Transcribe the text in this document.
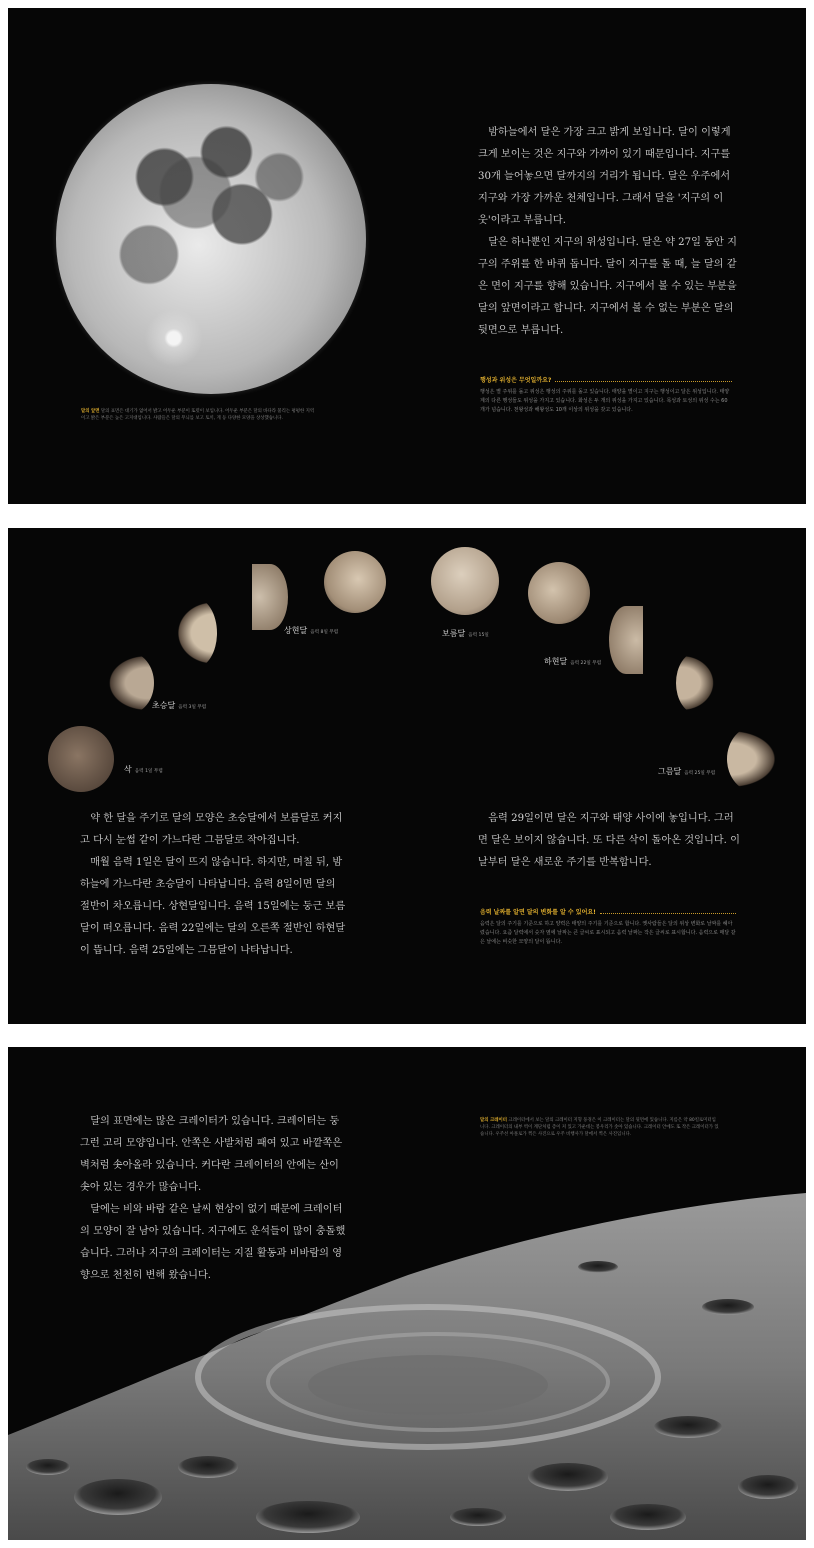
밤하늘에서 달은 가장 크고 밝게 보입니다. 달이 이렇게 크게 보이는 것은 지구와 가까이 있기 때문입니다. 지구를 30개 늘어놓으면 달까지의 거리가 됩니다. 달은 우주에서 지구와 가장 가까운 천체입니다. 그래서 달을 '지구의 이웃'이라고 부릅니다.

달은 하나뿐인 지구의 위성입니다. 달은 약 27일 동안 지구의 주위를 한 바퀴 돕니다. 달이 지구를 돌 때, 늘 달의 같은 면이 지구를 향해 있습니다. 지구에서 볼 수 있는 부분을 달의 앞면이라고 합니다. 지구에서 볼 수 없는 부분은 달의 뒷면으로 부릅니다.

행성과 위성은 무엇일까요?
행성은 별 주위를 돌고 위성은 행성의 주위를 돌고 있습니다. 태양을 별이고 지구는 행성이고 달은 위성입니다. 태양계의 다른 행성들도 위성을 가지고 있습니다. 화성은 두 개의 위성을 가지고 있습니다. 목성과 토성의 위성 수는 60개가 넘습니다. 천왕성과 해왕성도 10개 이상의 위성을 갖고 있습니다.
달의 앞면 달의 표면은 대기가 없어서 밝고 어두운 부분이 또렷이 보입니다. 어두운 부분은 달의 바다라 불리는 평평한 지역이고 밝은 부분은 높은 고지대입니다. 사람들은 달의 무늬를 보고 토끼, 게 등 다양한 모양을 상상했습니다.
삭음력 1일 무렵
초승달 음력 3일 무렵
상현달 음력 8일 무렵	보름달 음력 15일
하현달 음력 22일 무렵
그믐달 음력 25일 무렵

약 한 달을 주기로 달의 모양은 초승달에서 보름달로 커지고 다시 눈썹 같이 가느다란 그믐달로 작아집니다.

매월 음력 1일은 달이 뜨지 않습니다. 하지만, 며칠 뒤, 밤하늘에 가느다란 초승달이 나타납니다. 음력 8일이면 달의 절반이 차오릅니다. 상현달입니다. 음력 15일에는 둥근 보름달이 떠오릅니다. 음력 22일에는 달의 오른쪽 절반인 하현달이 뜹니다. 음력 25일에는 그믐달이 나타납니다.

음력 29일이면 달은 지구와 태양 사이에 놓입니다. 그러면 달은 보이지 않습니다. 또 다른 삭이 돌아온 것입니다. 이날부터 달은 새로운 주기를 반복합니다.

음력 날짜를 알면 달의 변화를 알 수 있어요!
음력은 달의 주기를 기준으로 하고 양력은 태양의 주기를 기준으로 합니다. 옛사람들은 달의 위상 변화로 날짜를 헤아렸습니다. 요즘 달력에서 숫자 옆에 날짜는 큰 글씨로 표시되고 음력 날짜는 작은 글씨로 표시합니다. 음력으로 매달 같은 날에는 비슷한 모양의 달이 뜹니다.

달의 표면에는 많은 크레이터가 있습니다. 크레이터는 둥그런 고리 모양입니다. 안쪽은 사발처럼 패여 있고 바깥쪽은 벽처럼 솟아올라 있습니다. 커다란 크레이터의 안에는 산이 솟아 있는 경우가 많습니다.

달에는 비와 바람 같은 날씨 현상이 없기 때문에 크레이터의 모양이 잘 남아 있습니다. 지구에도 운석들이 많이 충돌했습니다. 그러나 지구의 크레이터는 지질 활동과 비바람의 영향으로 천천히 변해 왔습니다.

달의 크레이터 크레이터에서 보는 달의 크레이터 지형 풍경은 이 크레이터는 달의 뒷면에 있습니다. 지름은 약 80킬로미터입니다. 크레이터의 내부 벽이 계단처럼 층이 져 있고 가운데는 봉우리가 솟아 있습니다. 크레이터 안에도 또 작은 크레이터가 있습니다. 우주선 아폴로가 찍은 사진으로 우주 비행사가 달에서 찍은 사진입니다.
